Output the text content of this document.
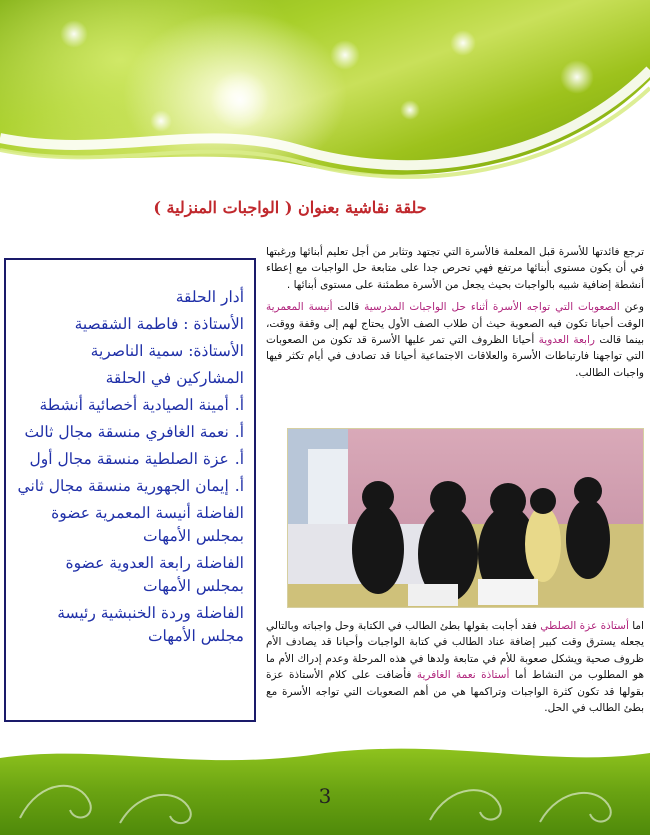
حلقة نقاشية بعنوان ( الواجبات المنزلية )
أدار الحلقة
الأستاذة : فاطمة الشقصية
الأستاذة: سمية الناصرية
المشاركين في الحلقة
أ.أمينة الصيادية أخصائية أنشطة
أ.نعمة الغافري منسقة مجال ثالث
أ.عزة الصلطية منسقة مجال أول
أ.إيمان الجهورية منسقة مجال ثاني
الفاضلة أنيسة المعمرية عضوة بمجلس الأمهات
الفاضلة رابعة العدوية عضوة بمجلس الأمهات
الفاضلة وردة الخنبشية رئيسة مجلس الأمهات

ترجع فائدتها للأسرة قبل المعلمة فالأسرة التي تجتهد وتثابر من أجل تعليم أبنائها ورغبتها في أن يكون مستوى أبنائها مرتفع فهي تحرص جدا على متابعة حل الواجبات مع إعطاء أنشطة إضافية شبيه بالواجبات بحيث يجعل من الأسرة مطمئنة على مستوى أبنائها .

وعن الصعوبات التي تواجه الأسرة أثناء حل الواجبات المدرسية قالت أنيسة المعمرية الوقت أحيانا تكون فيه الصعوبة حيث أن طلاب الصف الأول يحتاج لهم إلى وقفة ووقت، بينما قالت رابعة العدوية أحيانا الظروف التي تمر عليها الأسرة قد تكون من الصعوبات التي تواجهنا فارتباطات الأسرة والعلاقات الاجتماعية أحيانا قد تصادف في أيام تكثر فيها واجبات الطالب.

اما أستاذة عزة الصلطي فقد أجابت بقولها بطئ الطالب في الكتابة وحل واجباته وبالتالي يجعله يسترق وقت كبير إضافة عناد الطالب في كتابة الواجبات وأحيانا قد يصادف الأم ظروف صحية ويشكل صعوبة للأم في متابعة ولدها في هذه المرحلة وعدم إدراك الأم ما هو المطلوب من النشاط أما أستاذة نعمة الغافرية فأضافت على كلام الأستاذة عزة بقولها قد تكون كثرة الواجبات وتراكمها هي من أهم الصعوبات التي تواجه الأسرة مع بطئ الطالب في الحل.

3
